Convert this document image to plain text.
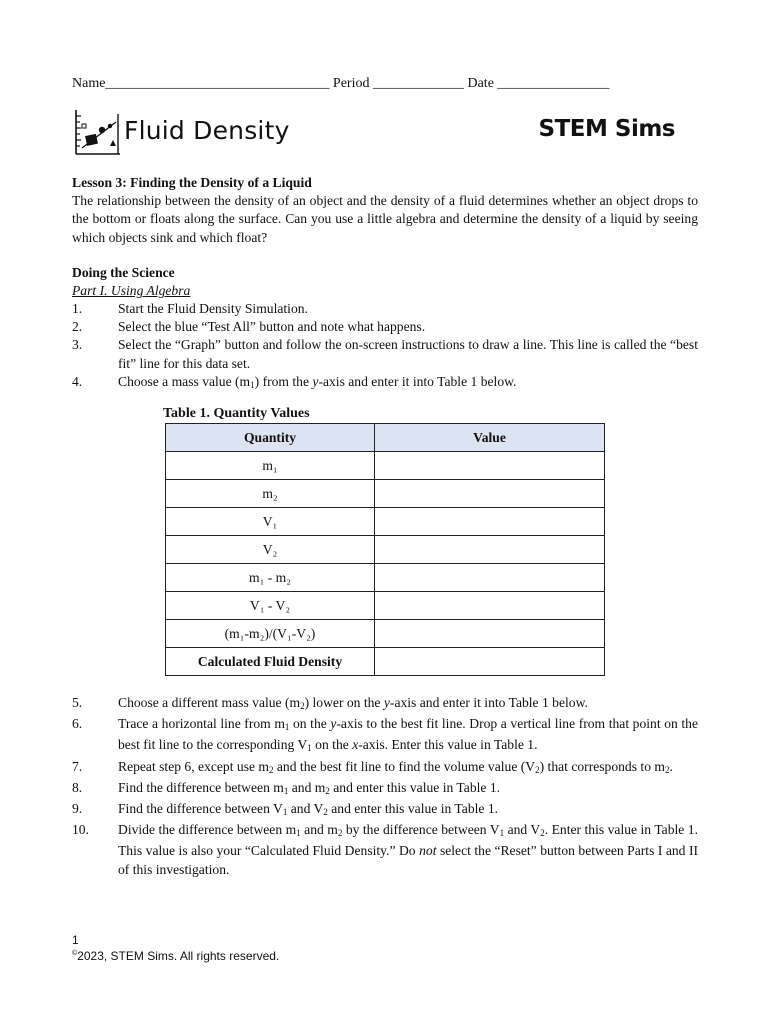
Name________________________________ Period _____________ Date ________________
Fluid Density	STEM Sims
Lesson 3: Finding the Density of a Liquid
The relationship between the density of an object and the density of a fluid determines whether an object drops to the bottom or floats along the surface. Can you use a little algebra and determine the density of a liquid by seeing which objects sink and which float?
Doing the Science
Part I. Using Algebra
1.	Start the Fluid Density Simulation.
2.	Select the blue “Test All” button and note what happens.
3.	Select the “Graph” button and follow the on-screen instructions to draw a line. This line is called the “best fit” line for this data set.
4.	Choose a mass value (m1) from the y-axis and enter it into Table 1 below.
Table 1. Quantity Values
Quantity	Value
m₁	
m₂	
V₁	
V₂	
m₁ - m₂	
V₁ - V₂	
(m₁-m₂)/(V₁-V₂)	
Calculated Fluid Density	
5.	Choose a different mass value (m2) lower on the y-axis and enter it into Table 1 below.
6.	Trace a horizontal line from m1 on the y-axis to the best fit line. Drop a vertical line from that point on the best fit line to the corresponding V1 on the x-axis. Enter this value in Table 1.
7.	Repeat step 6, except use m2 and the best fit line to find the volume value (V2) that corresponds to m2.
8.	Find the difference between m1 and m2 and enter this value in Table 1.
9.	Find the difference between V1 and V2 and enter this value in Table 1.
10.	Divide the difference between m1 and m2 by the difference between V1 and V2. Enter this value in Table 1. This value is also your “Calculated Fluid Density.” Do not select the “Reset” button between Parts I and II of this investigation.
1
©2023, STEM Sims. All rights reserved.
